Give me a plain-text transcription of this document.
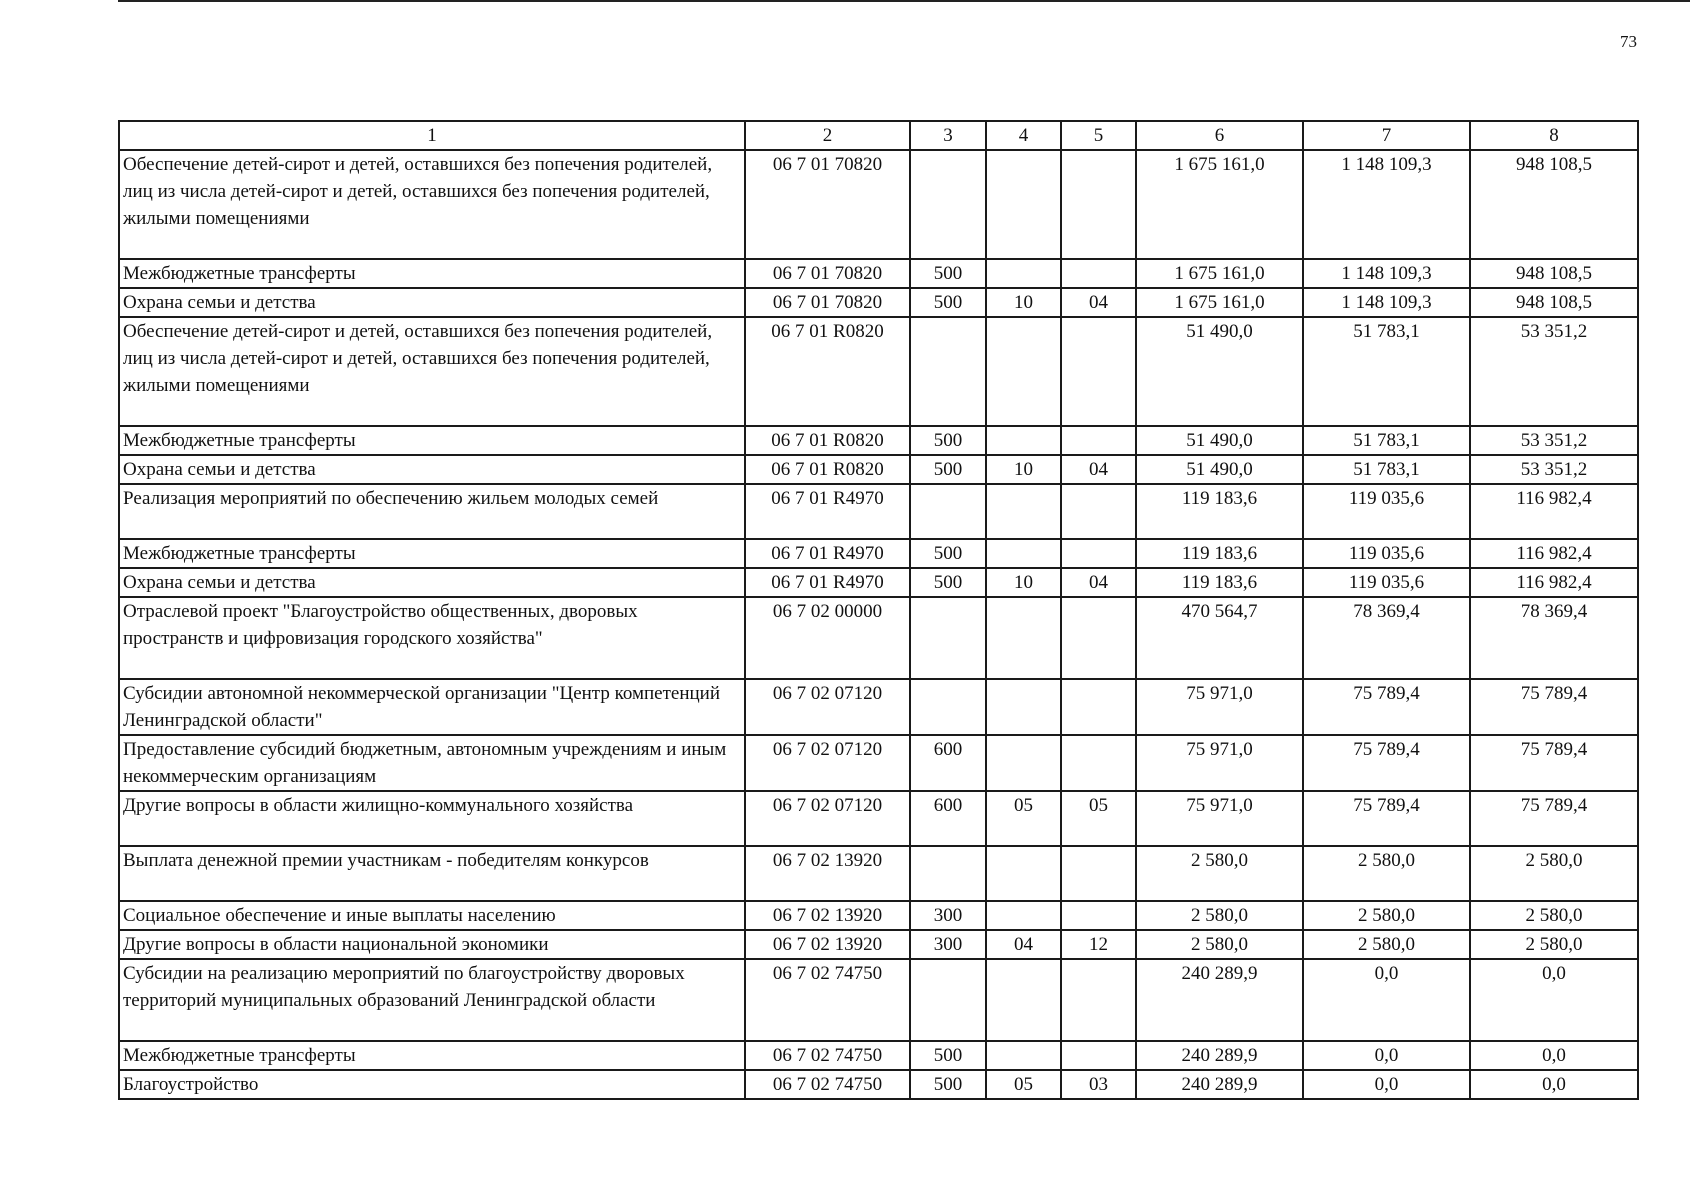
73
1	2	3	4	5	6	7	8
Обеспечение детей-сирот и детей, оставшихся без попечения родителей, лиц из числа детей-сирот и детей, оставшихся без попечения родителей, жилыми помещениями	06 7 01 70820				1 675 161,0	1 148 109,3	948 108,5
Межбюджетные трансферты	06 7 01 70820	500			1 675 161,0	1 148 109,3	948 108,5
Охрана семьи и детства	06 7 01 70820	500	10	04	1 675 161,0	1 148 109,3	948 108,5
Обеспечение детей-сирот и детей, оставшихся без попечения родителей, лиц из числа детей-сирот и детей, оставшихся без попечения родителей, жилыми помещениями	06 7 01 R0820				51 490,0	51 783,1	53 351,2
Межбюджетные трансферты	06 7 01 R0820	500			51 490,0	51 783,1	53 351,2
Охрана семьи и детства	06 7 01 R0820	500	10	04	51 490,0	51 783,1	53 351,2
Реализация мероприятий по обеспечению жильем молодых семей	06 7 01 R4970				119 183,6	119 035,6	116 982,4
Межбюджетные трансферты	06 7 01 R4970	500			119 183,6	119 035,6	116 982,4
Охрана семьи и детства	06 7 01 R4970	500	10	04	119 183,6	119 035,6	116 982,4
Отраслевой проект "Благоустройство общественных, дворовых пространств и цифровизация городского хозяйства"	06 7 02 00000				470 564,7	78 369,4	78 369,4
Субсидии автономной некоммерческой организации "Центр компетенций Ленинградской области"	06 7 02 07120				75 971,0	75 789,4	75 789,4
Предоставление субсидий бюджетным, автономным учреждениям и иным некоммерческим организациям	06 7 02 07120	600			75 971,0	75 789,4	75 789,4
Другие вопросы в области жилищно-коммунального хозяйства	06 7 02 07120	600	05	05	75 971,0	75 789,4	75 789,4
Выплата денежной премии участникам - победителям конкурсов	06 7 02 13920				2 580,0	2 580,0	2 580,0
Социальное обеспечение и иные выплаты населению	06 7 02 13920	300			2 580,0	2 580,0	2 580,0
Другие вопросы в области национальной экономики	06 7 02 13920	300	04	12	2 580,0	2 580,0	2 580,0
Субсидии на реализацию мероприятий по благоустройству дворовых территорий муниципальных образований Ленинградской области	06 7 02 74750				240 289,9	0,0	0,0
Межбюджетные трансферты	06 7 02 74750	500			240 289,9	0,0	0,0
Благоустройство	06 7 02 74750	500	05	03	240 289,9	0,0	0,0
